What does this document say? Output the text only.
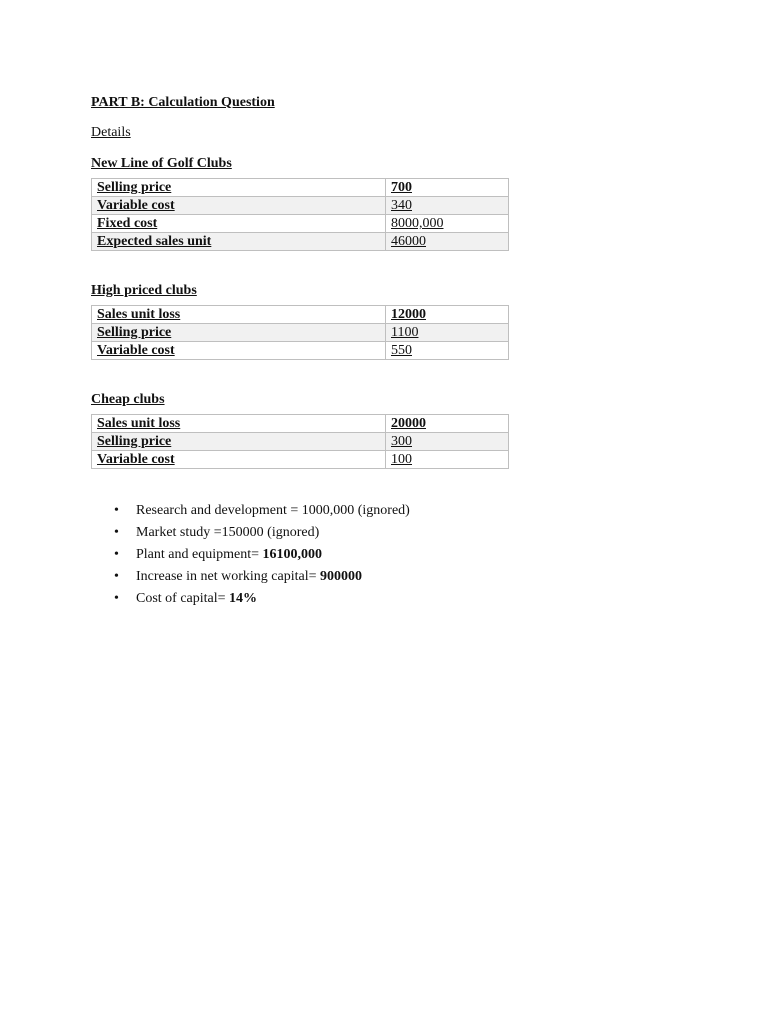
PART B: Calculation Question
Details
New Line of Golf Clubs
Selling price	700
Variable cost	340
Fixed cost	8000,000
Expected sales unit	46000
High priced clubs
Sales unit loss	12000
Selling price	1100
Variable cost	550
Cheap clubs
Sales unit loss	20000
Selling price	300
Variable cost	100
• Research and development = 1000,000 (ignored)
• Market study =150000 (ignored)
• Plant and equipment= 16100,000
• Increase in net working capital= 900000
• Cost of capital= 14%
